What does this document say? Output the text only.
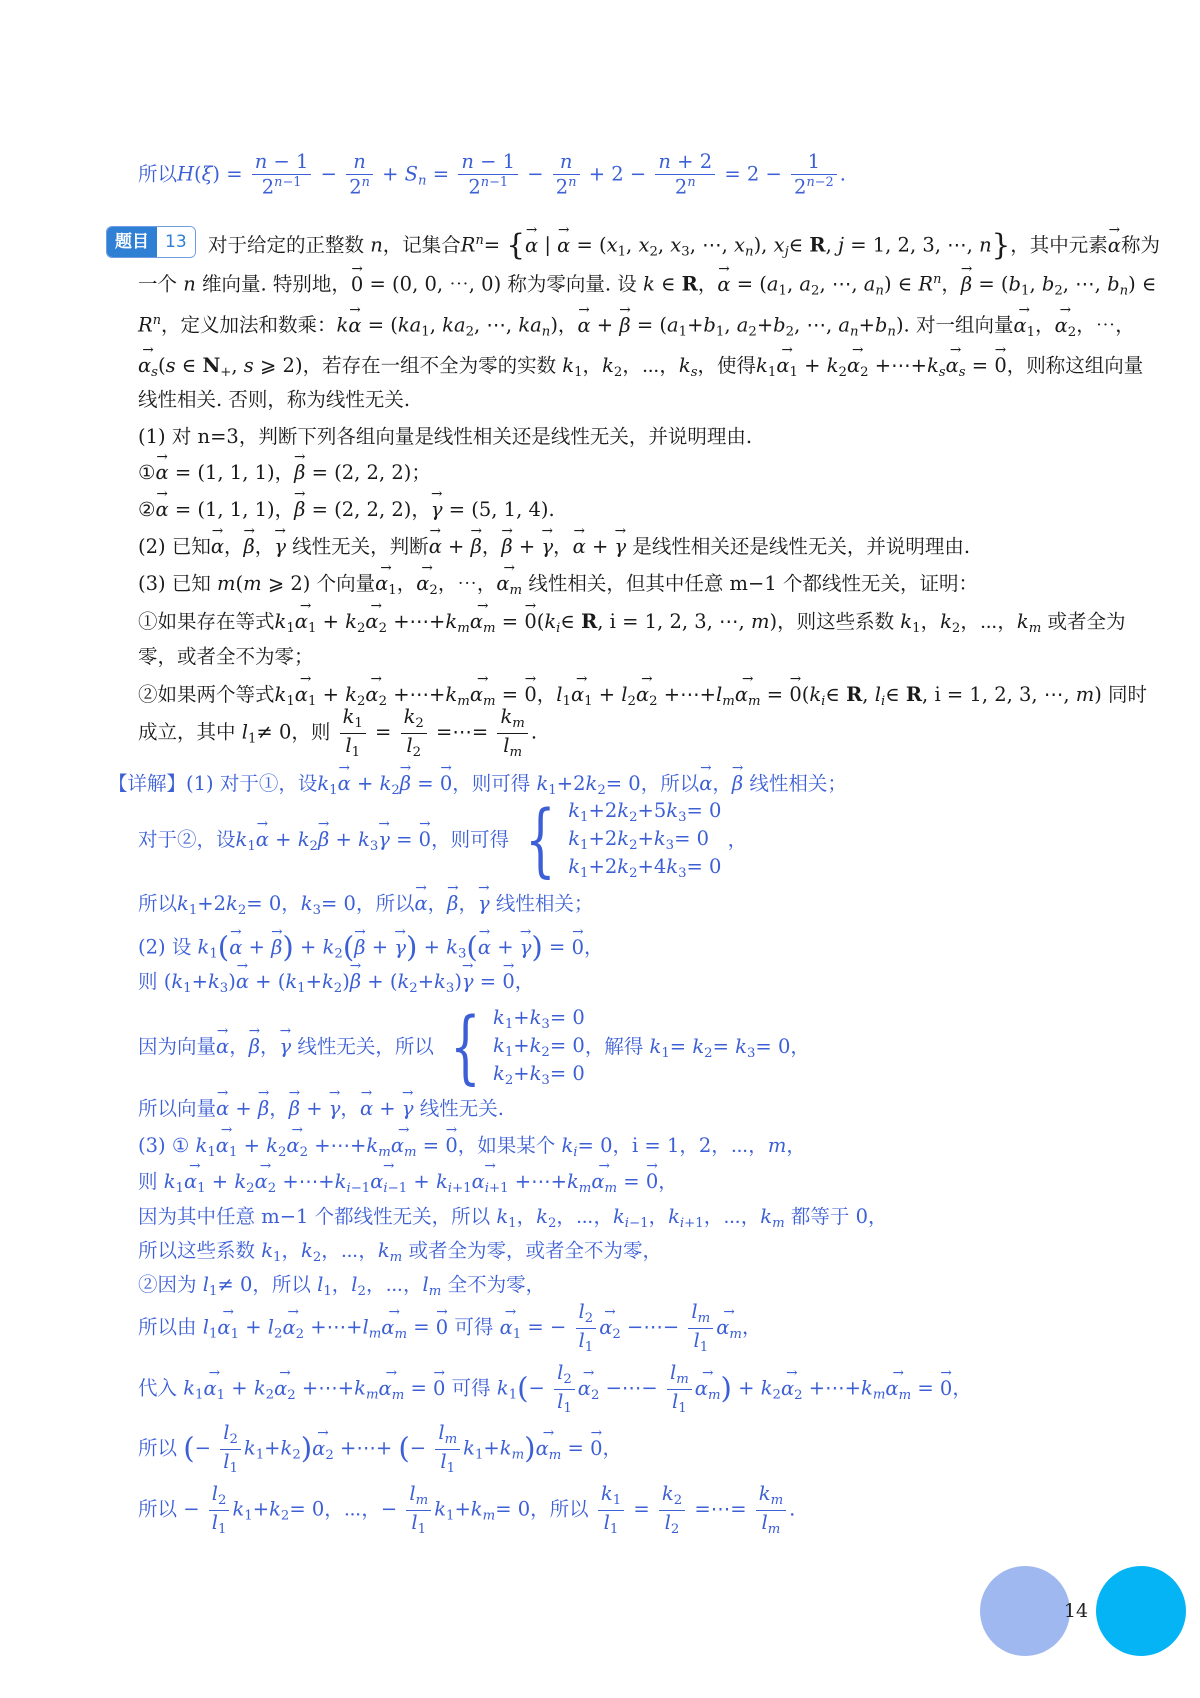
所以$H(\xi) = \frac{n - 1}{2^{n-1}} - \frac{n}{2^n} + S_n = \frac{n - 1}{2^{n-1}} - \frac{n}{2^n} + 2 - \frac{n + 2}{2^n} = 2 - \frac{1}{2^{n-2}}$ .
题目 13	对于给定的正整数 n，记集合$R^n=$ {→ α | → $\alpha = (x_1$, $x_2$, $x_3$, ⋯, $x_n$), $x_j\in$ R, j = 1, 2, 3, ⋯, n}，其中元素→ α称为
一个 n 维向量. 特别地，→ 0 = (0, 0, ⋯, 0) 称为零向量. 设 k ∈ R，→ $\alpha = (a_1$, $a_2$, ⋯, $a_n$) ∈ $R^n$，→ $\beta = (b_1$, $b_2$, ⋯, $b_n$) ∈
$R^n$，定义加法和数乘：$k\to \alpha = (ka_1$, $ka_2$, ⋯, $ka_n$)，→ α + → $\beta = (a_1+b_1$, $a_2+b_2$, ⋯, $a_n+b_n$). 对一组向量→ $\alpha_1$，→ $\alpha_2$，⋯，
→ $\alpha_s(s$ ∈ $N_+$, s ⩾ 2)，若存在一组不全为零的实数 $k_1$，$k_2$，⋯，$k_s$，使得$k_1\to \alpha_1 + k_2\to \alpha_2$ $+\cdots+k_s\to \alpha_s$ = → 0，则称这组向量
线性相关. 否则，称为线性无关.
(1) 对 n=3，判断下列各组向量是线性相关还是线性无关，并说明理由.
①→ α = (1, 1, 1)，→ β = (2, 2, 2)；
②→ α = (1, 1, 1)，→ β = (2, 2, 2)，→ γ = (5, 1, 4).
(2) 已知→ α，→ β，→ γ 线性无关，判断→ α + → β，→ β + → γ，→ α + → γ 是线性相关还是线性无关，并说明理由.
(3) 已知 m(m ⩾ 2) 个向量→ $\alpha_1$，→ $\alpha_2$，⋯，→ $\alpha_m$ 线性相关，但其中任意 m−1 个都线性无关，证明：
①如果存在等式$k_1\to \alpha_1 + k_2\to \alpha_2$ $+\cdots+k_m\to \alpha_m$ = → $0(k_i\in$ R, i = 1, 2, 3, ⋯, m)，则这些系数 $k_1$，$k_2$，⋯，$k_m$ 或者全为
零，或者全不为零；
②如果两个等式$k_1\to \alpha_1 + k_2\to \alpha_2$ $+\cdots+k_m\to \alpha_m$ = → 0，$l_1\to \alpha_1 + l_2\to \alpha_2$ $+\cdots+l_m\to \alpha_m$ = → $0(k_i\in$ R, $l_i\in$ R, i = 1, 2, 3, ⋯, m) 同时
成立，其中 $l_1\ne 0$，则 $\frac{k_1}{l_1} = \frac{k_2}{l_2}$ =⋯= $\frac{k_m}{l_m}$ .
【详解】(1) 对于①，设$k_1\to \alpha + k_2\to \beta$ = → 0，则可得 $k_1+2k_2= 0$，所以→ α，→ β 线性相关；
对于②，设$k_1\to \alpha + k_2\to \beta + k_3\to \gamma$ = → 0，则可得 { $k_1+2k_2+5k_3= 0$
$k_1+2k_2+k_3= 0$
$k_1+2k_2+4k_3= 0$
，
所以$k_1+2k_2= 0$，$k_3= 0$，所以→ α，→ β，→ γ 线性相关；
(2) 设 $k_1(\to \alpha$ + → $\beta) + k_2(\to \beta$ + → $\gamma) + k_3(\to \alpha$ + → γ) = → 0，
则 $(k_1+k_3)\to \alpha + (k_1+k_2)\to \beta + (k_2+k_3)\to \gamma$ = → 0，
因为向量→ α，→ β，→ γ 线性无关，所以 { $k_1+k_3= 0$
$k_1+k_2= 0$
$k_2+k_3= 0$
，解得 $k_1= k_2= k_3= 0$，
所以向量→ α + → β，→ β + → γ，→ α + → γ 线性无关.
(3) ① $k_1\to \alpha_1 + k_2\to \alpha_2$ $+\cdots+k_m\to \alpha_m$ = → 0，如果某个 $k_i= 0$，i = 1，2，⋯，m，
则 $k_1\to \alpha_1 + k_2\to \alpha_2$ $+\cdots+k_{i-1}\to \alpha_{i-1} + k_{i+1}\to \alpha_{i+1}$ $+\cdots+k_m\to \alpha_m$ = → 0，
因为其中任意 m−1 个都线性无关，所以 $k_1$，$k_2$，⋯，$k_{i-1}$，$k_{i+1}$，⋯，$k_m$ 都等于 0，
所以这些系数 $k_1$，$k_2$，⋯，$k_m$ 或者全为零，或者全不为零，
②因为 $l_1\ne 0$，所以 $l_1$，$l_2$，⋯，$l_m$ 全不为零，
所以由 $l_1\to \alpha_1 + l_2\to \alpha_2$ $+\cdots+l_m\to \alpha_m$ = → 0 可得 → $\alpha_1$ = − $\frac{l_2}{l_1}$
→ $\alpha_2$ −⋯− $\frac{l_m}{l_1}$
→ $\alpha_m$，
代入 $k_1\to \alpha_1 + k_2\to \alpha_2$ $+\cdots+k_m\to \alpha_m$ = → 0 可得 $k_1(- \frac{l_2}{l_1}$
→ $\alpha_2$ −⋯− $\frac{l_m}{l_1}$
→ $\alpha_m) + k_2\to \alpha_2$ $+\cdots+k_m\to \alpha_m$ = → 0，
所以 (− $\frac{l_2}{l_1} k_1+k_2)\to \alpha_2$ +⋯+ (− $\frac{l_m}{l_1} k_1+k_m)\to \alpha_m$ = → 0，
所以 − $\frac{l_2}{l_1} k_1+k_2= 0$，⋯，− $\frac{l_m}{l_1} k_1+k_m= 0$，所以 $\frac{k_1}{l_1} = \frac{k_2}{l_2}$ =⋯= $\frac{k_m}{l_m}$ .
14
